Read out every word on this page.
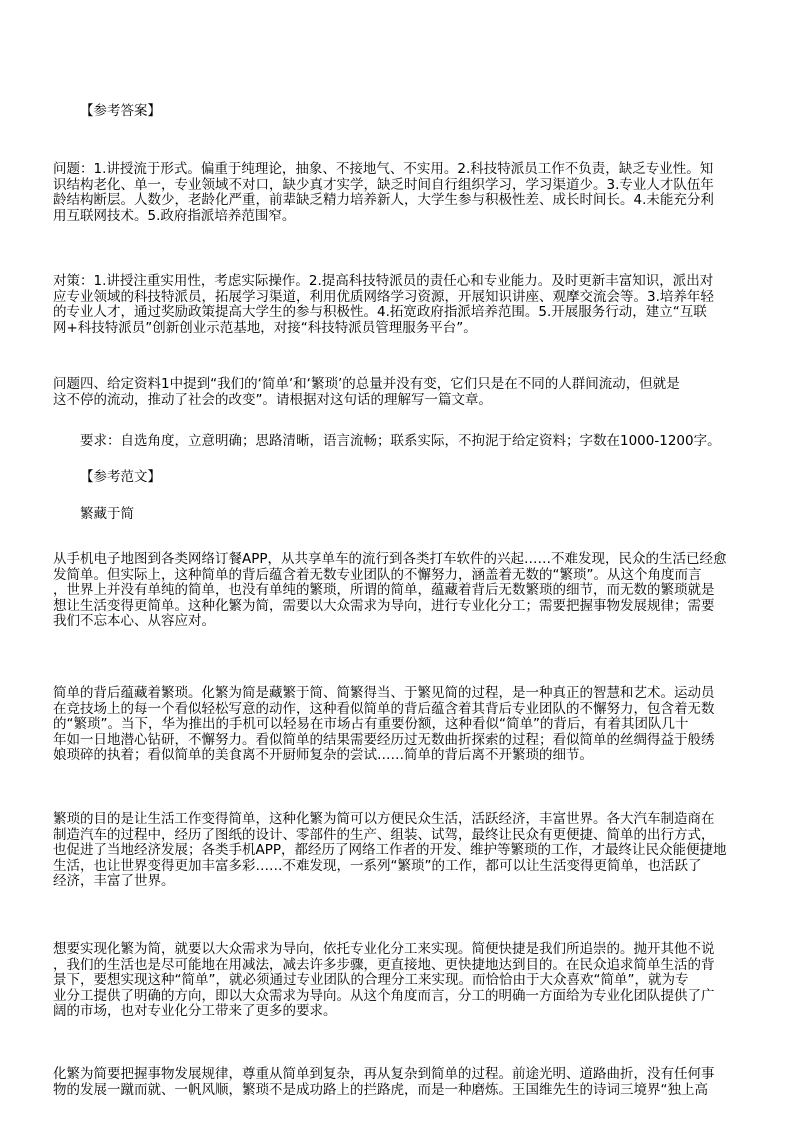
【参考答案】
问题：1.讲授流于形式。偏重于纯理论，抽象、不接地气、不实用。2.科技特派员工作不负责，缺乏专业性。知
识结构老化、单一，专业领域不对口，缺少真才实学，缺乏时间自行组织学习，学习渠道少。3.专业人才队伍年
龄结构断层。人数少，老龄化严重，前辈缺乏精力培养新人，大学生参与积极性差、成长时间长。4.未能充分利
用互联网技术。5.政府指派培养范围窄。
对策：1.讲授注重实用性，考虑实际操作。2.提高科技特派员的责任心和专业能力。及时更新丰富知识，派出对
应专业领域的科技特派员，拓展学习渠道，利用优质网络学习资源，开展知识讲座、观摩交流会等。3.培养年轻
的专业人才，通过奖励政策提高大学生的参与积极性。4.拓宽政府指派培养范围。5.开展服务行动，建立“互联
网+科技特派员”创新创业示范基地，对接“科技特派员管理服务平台”。
问题四、给定资料1中提到“我们的‘简单’和‘繁琐’的总量并没有变，它们只是在不同的人群间流动，但就是
这不停的流动，推动了社会的改变”。请根据对这句话的理解写一篇文章。
要求：自选角度，立意明确；思路清晰，语言流畅；联系实际，不拘泥于给定资料；字数在1000-1200字。
【参考范文】
繁藏于简
从手机电子地图到各类网络订餐APP，从共享单车的流行到各类打车软件的兴起……不难发现，民众的生活已经愈
发简单。但实际上，这种简单的背后蕴含着无数专业团队的不懈努力，涵盖着无数的“繁琐”。从这个角度而言
，世界上并没有单纯的简单，也没有单纯的繁琐，所谓的简单，蕴藏着背后无数繁琐的细节，而无数的繁琐就是
想让生活变得更简单。这种化繁为简，需要以大众需求为导向，进行专业化分工；需要把握事物发展规律；需要
我们不忘本心、从容应对。
简单的背后蕴藏着繁琐。化繁为简是藏繁于简、简繁得当、于繁见简的过程，是一种真正的智慧和艺术。运动员
在竞技场上的每一个看似轻松写意的动作，这种看似简单的背后蕴含着其背后专业团队的不懈努力，包含着无数
的“繁琐”。当下，华为推出的手机可以轻易在市场占有重要份额，这种看似“简单”的背后，有着其团队几十
年如一日地潜心钻研，不懈努力。看似简单的结果需要经历过无数曲折探索的过程；看似简单的丝绸得益于般绣
娘琐碎的执着；看似简单的美食离不开厨师复杂的尝试……简单的背后离不开繁琐的细节。
繁琐的目的是让生活工作变得简单，这种化繁为简可以方便民众生活，活跃经济，丰富世界。各大汽车制造商在
制造汽车的过程中，经历了图纸的设计、零部件的生产、组装、试驾，最终让民众有更便捷、简单的出行方式，
也促进了当地经济发展；各类手机APP，都经历了网络工作者的开发、维护等繁琐的工作，才最终让民众能便捷地
生活，也让世界变得更加丰富多彩……不难发现，一系列“繁琐”的工作，都可以让生活变得更简单，也活跃了
经济，丰富了世界。
想要实现化繁为简，就要以大众需求为导向，依托专业化分工来实现。简便快捷是我们所追崇的。抛开其他不说
，我们的生活也是尽可能地在用减法，减去许多步骤，更直接地、更快捷地达到目的。在民众追求简单生活的背
景下，要想实现这种“简单”，就必须通过专业团队的合理分工来实现。而恰恰由于大众喜欢“简单”，就为专
业分工提供了明确的方向，即以大众需求为导向。从这个角度而言，分工的明确一方面给为专业化团队提供了广
阔的市场，也对专业化分工带来了更多的要求。
化繁为简要把握事物发展规律，尊重从简单到复杂，再从复杂到简单的过程。前途光明、道路曲折，没有任何事
物的发展一蹴而就、一帆风顺，繁琐不是成功路上的拦路虎，而是一种磨炼。王国维先生的诗词三境界“独上高
